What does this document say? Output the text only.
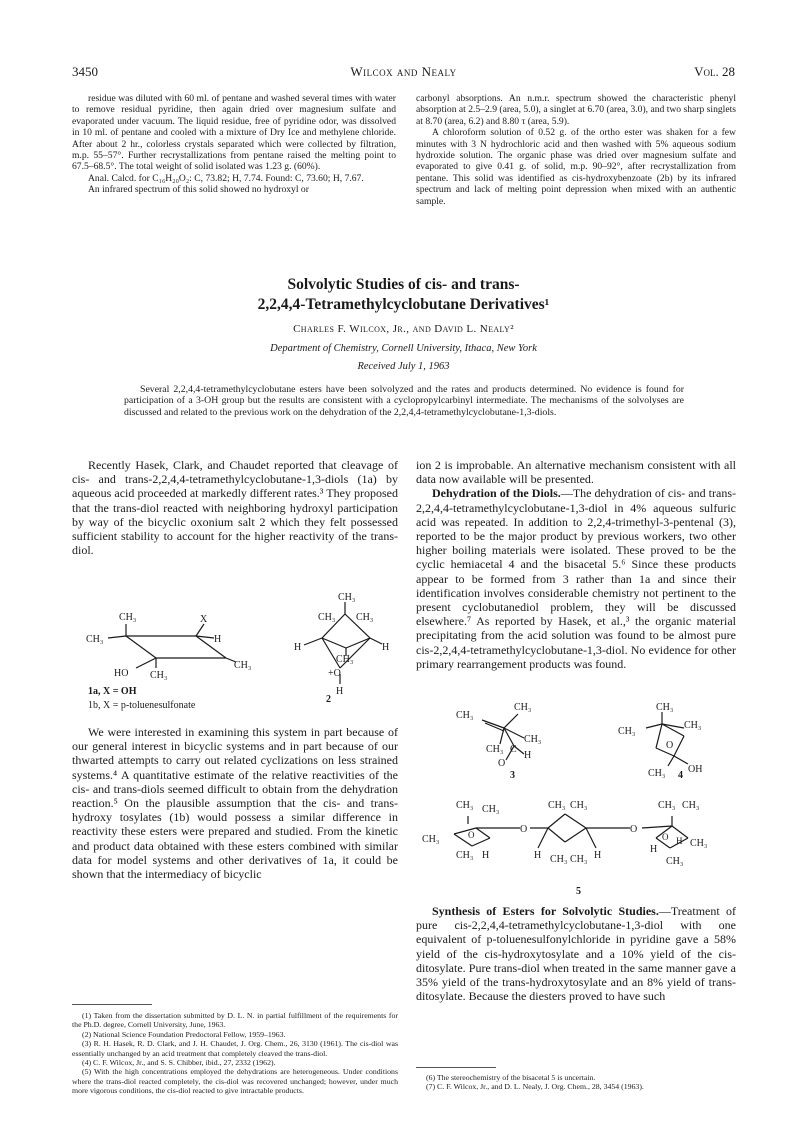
3450	Wilcox and Nealy	Vol. 28

residue was diluted with 60 ml. of pentane and washed several times with water to remove residual pyridine, then again dried over magnesium sulfate and evaporated under vacuum. The liquid residue, free of pyridine odor, was dissolved in 10 ml. of pentane and cooled with a mixture of Dry Ice and methylene chloride. After about 2 hr., colorless crystals separated which were collected by filtration, m.p. 55–57°. Further recrystallizations from pentane raised the melting point to 67.5–68.5°. The total weight of solid isolated was 1.23 g. (60%).

Anal. Calcd. for C₁₆H₂₀O₂: C, 73.82; H, 7.74. Found: C, 73.60; H, 7.67.

An infrared spectrum of this solid showed no hydroxyl or

carbonyl absorptions. An n.m.r. spectrum showed the characteristic phenyl absorption at 2.5–2.9 (area, 5.0), a singlet at 6.70 (area, 3.0), and two sharp singlets at 8.70 (area, 6.2) and 8.80 τ (area, 5.9).

A chloroform solution of 0.52 g. of the ortho ester was shaken for a few minutes with 3 N hydrochloric acid and then washed with 5% aqueous sodium hydroxide solution. The organic phase was dried over magnesium sulfate and evaporated to give 0.41 g. of solid, m.p. 90–92°, after recrystallization from pentane. This solid was identified as cis-hydroxybenzoate (2b) by its infrared spectrum and lack of melting point depression when mixed with an authentic sample.

Solvolytic Studies of cis- and trans-
2,2,4,4-Tetramethylcyclobutane Derivatives¹
Charles F. Wilcox, Jr., and David L. Nealy²
Department of Chemistry, Cornell University, Ithaca, New York
Received July 1, 1963

Several 2,2,4,4-tetramethylcyclobutane esters have been solvolyzed and the rates and products determined. No evidence is found for participation of a 3-OH group but the results are consistent with a cyclopropylcarbinyl intermediate. The mechanisms of the solvolyses are discussed and related to the previous work on the dehydration of the 2,2,4,4-tetramethylcyclobutane-1,3-diols.

Recently Hasek, Clark, and Chaudet reported that cleavage of cis- and trans-2,2,4,4-tetramethylcyclobutane-1,3-diols (1a) by aqueous acid proceeded at markedly different rates.³ They proposed that the trans-diol reacted with neighboring hydroxyl participation by way of the bicyclic oxonium salt 2 which they felt possessed sufficient stability to account for the higher reactivity of the trans-diol.

CH₃	X
CH₃	H
CH₃
HO CH₃
1a, X = OH
1b, X = p-toluenesulfonate
CH₃
CH₃ CH₃
H
CH₃
H
+O
H
2

We were interested in examining this system in part because of our general interest in bicyclic systems and in part because of our thwarted attempts to carry out related cyclizations on less strained systems.⁴ A quantitative estimate of the relative reactivities of the cis- and trans-diols seemed difficult to obtain from the dehydration reaction.⁵ On the plausible assumption that the cis- and trans-hydroxy tosylates (1b) would possess a similar difference in reactivity these esters were prepared and studied. From the kinetic and product data obtained with these esters combined with similar data for model systems and other derivatives of 1a, it could be shown that the intermediacy of bicyclic

(1) Taken from the dissertation submitted by D. L. N. in partial fulfillment of the requirements for the Ph.D. degree, Cornell University, June, 1963.

(2) National Science Foundation Predoctoral Fellow, 1959–1963.

(3) R. H. Hasek, R. D. Clark, and J. H. Chaudet, J. Org. Chem., 26, 3130 (1961). The cis-diol was essentially unchanged by an acid treatment that completely cleaved the trans-diol.

(4) C. F. Wilcox, Jr., and S. S. Chibber, ibid., 27, 2332 (1962).

(5) With the high concentrations employed the dehydrations are heterogeneous. Under conditions where the trans-diol reacted completely, the cis-diol was recovered unchanged; however, under much more vigorous conditions, the cis-diol reacted to give intractable products.

ion 2 is improbable. An alternative mechanism consistent with all data now available will be presented.

Dehydration of the Diols.—The dehydration of cis- and trans-2,2,4,4-tetramethylcyclobutane-1,3-diol in 4% aqueous sulfuric acid was repeated. In addition to 2,2,4-trimethyl-3-pentenal (3), reported to be the major product by previous workers, two other higher boiling materials were isolated. These proved to be the cyclic hemiacetal 4 and the bisacetal 5.⁶ Since these products appear to be formed from 3 rather than 1a and since their identification involves considerable chemistry not pertinent to the present cyclobutanediol problem, they will be discussed elsewhere.⁷ As reported by Hasek, et al.,³ the organic material precipitating from the acid solution was found to be almost pure cis-2,2,4,4-tetramethylcyclobutane-1,3-diol. No evidence for other primary rearrangement products was found.

CH₃
CH₃
CH₃
CH₃ C
H
O
3
CH₃
CH₃
CH₃
O
CH₃ OH
4
CH₃ CH₃	CH₃ CH₃
O	O
CH₃ CH₃
CH₃
H	H	H
H
CH₃	CH₃ CH₃
CH₃
CH₃
H
O	O
5

Synthesis of Esters for Solvolytic Studies.—Treatment of pure cis-2,2,4,4-tetramethylcyclobutane-1,3-diol with one equivalent of p-toluenesulfonylchloride in pyridine gave a 58% yield of the cis-hydroxytosylate and a 10% yield of the cis-ditosylate. Pure trans-diol when treated in the same manner gave a 35% yield of the trans-hydroxytosylate and an 8% yield of trans-ditosylate. Because the diesters proved to have such

(6) The stereochemistry of the bisacetal 5 is uncertain.

(7) C. F. Wilcox, Jr., and D. L. Nealy, J. Org. Chem., 28, 3454 (1963).
